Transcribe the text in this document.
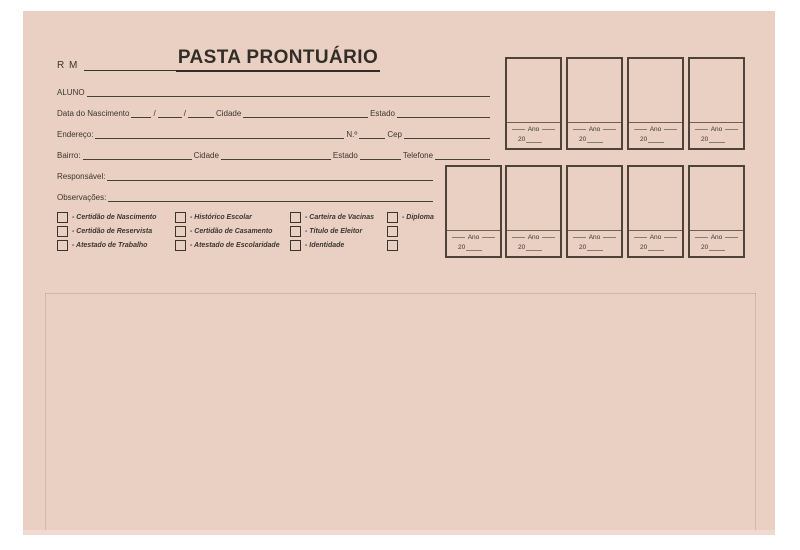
R M	PASTA PRONTUÁRIO
ALUNO
Data do Nascimento	/	/	Cidade	Estado
Endereço:	N.º	Cep
Bairro:	Cidade	Estado	Telefone
Responsável:
Observações:
- Certidão de Nascimento	- Histórico Escolar	- Carteira de Vacinas	- Diploma
- Certidão de Reservista	- Certidão de Casamento	- Título de Eleitor
- Atestado de Trabalho	- Atestado de Escolaridade	- Identidade
Ano
20
Ano
20
Ano
20
Ano
20
Ano
20
Ano
20
Ano
20
Ano
20
Ano
20
